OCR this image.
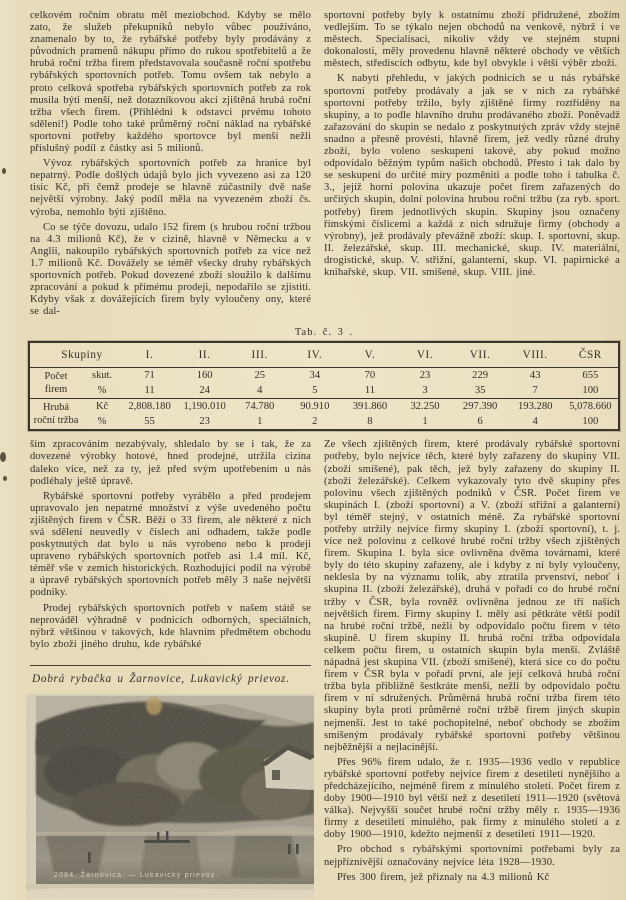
celkovém ročním obratu měl meziobchod. Kdyby se mělo zato, že služeb překupníků nebylo vůbec používáno, znamenalo by to, že rybářské potřeby byly prodávány z původních pramenů nákupu přímo do rukou spotřebitelů a že hrubá roční tržba firem představovala současně roční spotřebu rybářských sportovních potřeb. Tomu ovšem tak nebylo a proto celková spotřeba rybářských sportovních potřeb za rok musila býti menší, než dotazníkovou akcí zjištěná hrubá roční tržba všech firem. (Přihlédni k odstavci prvému tohoto sdělení!) Podle toho také průměrný roční náklad na rybářské sportovní potřeby každého sportovce byl menší nežli příslušný podíl z částky asi 5 milionů.

Vývoz rybářských sportovních potřeb za hranice byl nepatrný. Podle došlých údajů bylo jich vyvezeno asi za 120 tisíc Kč, při čemž prodeje se hlavně zúčastnily dvě naše největší výrobny. Jaký podíl měla na vyvezeném zboží čs. výroba, nemohlo býti zjištěno.

Co se týče dovozu, udalo 152 firem (s hrubou roční tržbou na 4.3 milionů Kč), že v cizině, hlavně v Německu a v Anglii, nakoupilo rybářských sportovních potřeb za více než 1.7 milionů Kč. Dovážely se téměř všecky druhy rybářských sportovních potřeb. Pokud dovezené zboží sloužilo k dalšímu zpracování a pokud k přímému prodeji, nepodařilo se zjistiti. Kdyby však z dovážejících firem byly vyloučeny ony, které se dal-

sportovní potřeby byly k ostatnímu zboží přidružené, zbožím vedlejším. To se týkalo nejen obchodů na venkově, nýbrž i ve městech. Specialisaci, nikoliv vždy ve stejném stupni dokonalosti, měly provedenu hlavně některé obchody ve větších městech, střediscích odbytu, kde byl obvykle i větší výběr zboží.

K nabytí přehledu, v jakých podnicích se u nás rybářské sportovní potřeby prodávaly a jak se v nich za rybářské sportovní potřeby tržilo, byly zjištěné firmy roztříděny na skupiny, a to podle hlavního druhu prodávaného zboží. Poněvadž zařazování do skupin se nedalo z poskytnutých zpráv vždy stejně snadno a přesně provésti, hlavně firem, jež vedly různé druhy zboží, bylo voleno seskupení takové, aby pokud možno odpovídalo běžným typům našich obchodů. Přesto i tak dalo by se seskupení do určité míry pozměniti a podle toho i tabulka č. 3., jejíž horní polovina ukazuje počet firem zařazených do určitých skupin, dolní polovina hrubou roční tržbu (za ryb. sport. potřeby) firem jednotlivých skupin. Skupiny jsou označeny římskými číslicemi a každá z nich sdružuje firmy (obchody a výrobny), jež prodávaly převážně zboží: skup. I. sportovní, skup. II. železářské, skup. III. mechanické, skup. IV. materiální, drogistické, skup. V. střižní, galanterní, skup. VI. papírnické a knihařské, skup. VII. smíšené, skup. VIII. jiné.

Tab. č. 3 .
Skupiny		I.	II.	III.	IV.	V.	VI.	VII.	VIII.	ČSR
Počet firem	skut.	71	160	25	34	70	23	229	43	655
	%	11	24	4	5	11	3	35	7	100
Hrubá roční tržba	Kč	2,808.180	1,190.010	74.780	90.910	391.860	32.250	297.390	193.280	5,078.660
	%	55	23	1	2	8	1	6	4	100

ším zpracováním nezabývaly, shledalo by se i tak, že za dovezené výrobky hotové, hned prodejné, utržila cizina daleko více, než za ty, jež před svým upotřebením u nás podléhaly ještě úpravě.

Rybářské sportovní potřeby vyrábělo a před prodejem upravovalo jen nepatrné množství z výše uvedeného počtu zjištěných firem v ČSR. Běží o 33 firem, ale některé z nich svá sdělení neuvedly v číslech ani odhadem, takže podle poskytnutých dat bylo u nás vyrobeno nebo k prodeji upraveno rybářských sportovních potřeb asi 1.4 mil. Kč, téměř vše v zemích historických. Rozhodující podíl na výrobě a úpravě rybářských sportovních potřeb měly 3 naše největší podniky.

Prodej rybářských sportovních potřeb v našem státě se neprováděl výhradně v podnicích odborných, speciálních, nýbrž většinou v takových, kde hlavním předmětem obchodu bylo zboží jiného druhu, kde rybářské

Dobrá rybačka u Žarnovice, Lukavický prievoz.

2084. Žarnovica. — Lukavický prievoz.

Ze všech zjištěných firem, které prodávaly rybářské sportovní potřeby, bylo nejvíce těch, které byly zařazeny do skupiny VII. (zboží smíšené), pak těch, jež byly zařazeny do skupiny II. (zboží železářské). Celkem vykazovaly tyto dvě skupiny přes polovinu všech zjištěných podniků v ČSR. Počet firem ve skupinách I. (zboží sportovní) a V. (zboží střižní a galanterní) byl téměř stejný, v ostatních méně. Za rybářské sportovní potřeby utržily nejvíce firmy skupiny I. (zboží sportovní), t. j. více než polovinu z celkové hrubé roční tržby všech zjištěných firem. Skupina I. byla sice ovlivněna dvěma továrnami, které byly do této skupiny zařazeny, ale i kdyby z ní byly vyloučeny, neklesla by na významu tolik, aby ztratila prvenství, neboť i skupina II. (zboží železářské), druhá v pořadí co do hrubé roční tržby v ČSR, byla rovněž ovlivněna jednou ze tří našich největších firem. Firmy skupiny I. měly asi pětkráte větší podíl na hrubé roční tržbě, nežli by odpovídalo počtu firem v této skupině. U firem skupiny II. hrubá roční tržba odpovídala celkem počtu firem, u ostatních skupin byla menší. Zvláště nápadná jest skupina VII. (zboží smíšené), která sice co do počtu firem v ČSR byla v pořadí první, ale její celková hrubá roční tržba byla přibližně šestkráte menší, nežli by odpovídalo počtu firem v ní sdružených. Průměrná hrubá roční tržba firem této skupiny byla proti průměrné roční tržbě firem jiných skupin nejmenší. Jest to také pochopitelné, neboť obchody se zbožím smíšeným prodávaly rybářské sportovní potřeby většinou nejběžnější a nejlacinější.

Přes 96% firem udalo, že r. 1935—1936 vedlo v republice rybářské sportovní potřeby nejvíce firem z desetiletí nynějšího a předcházejícího, nejméně firem z minulého století. Počet firem z doby 1900—1910 byl větší než z desetiletí 1911—1920 (světová válka). Nejvyšší součet hrubé roční tržby měly r. 1935—1936 firmy z desetiletí minulého, pak firmy z minulého století a z doby 1900—1910, kdežto nejmenší z desetiletí 1911—1920.

Pro obchod s rybářskými sportovními potřebami byly za nejpříznivější označovány nejvíce léta 1928—1930.

Přes 300 firem, jež přiznaly na 4.3 milionů Kč
